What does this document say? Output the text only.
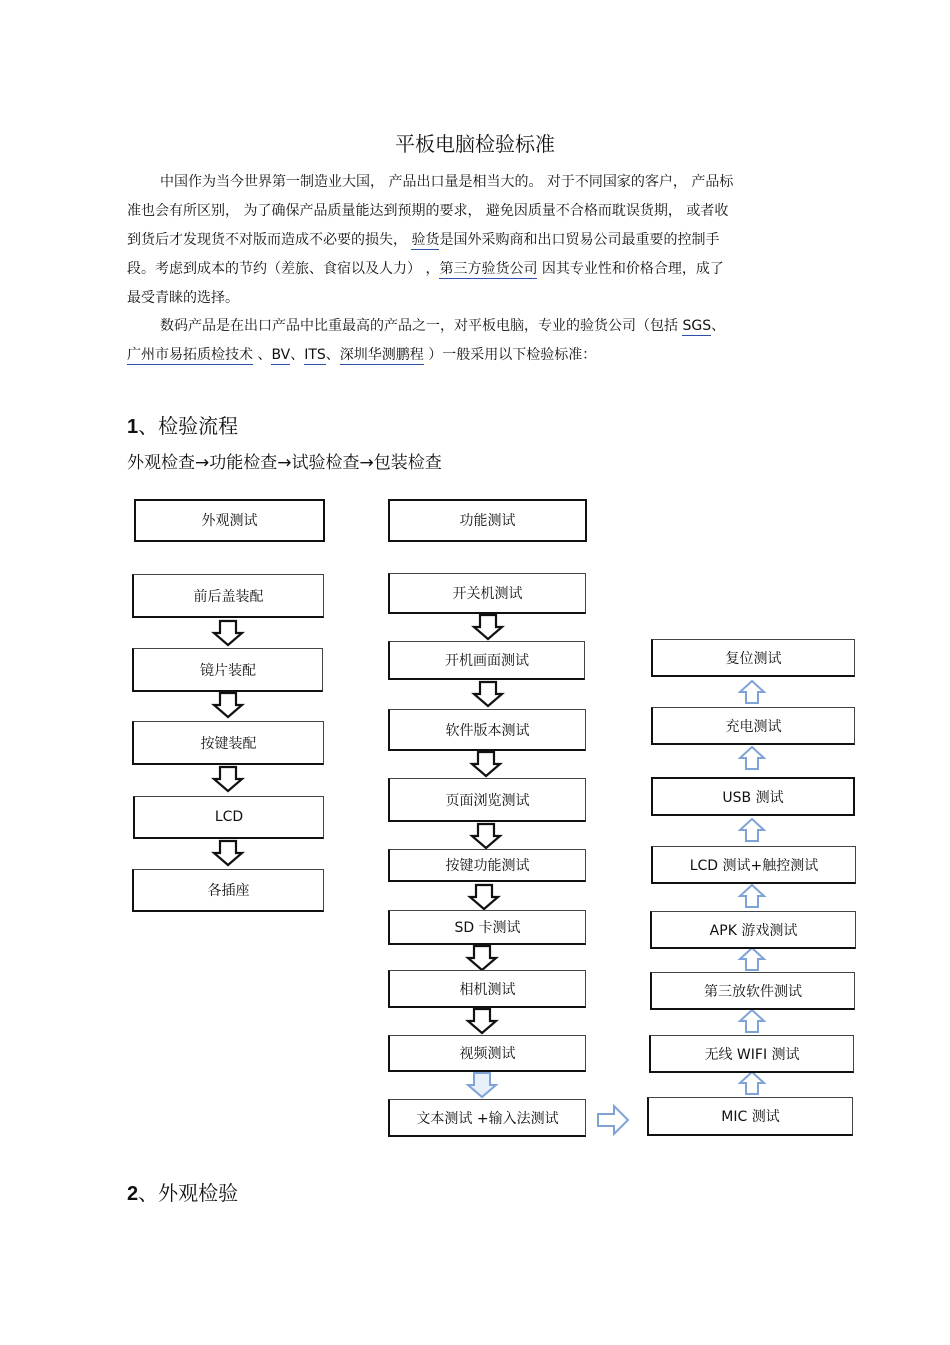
平板电脑检验标准
中国作为当今世界第一制造业大国， 产品出口量是相当大的。 对于不同国家的客户， 产品标
准也会有所区别， 为了确保产品质量能达到预期的要求， 避免因质量不合格而耽误货期， 或者收
到货后才发现货不对版而造成不必要的损失， 验货是国外采购商和出口贸易公司最重要的控制手
段。考虑到成本的节约（差旅、食宿以及人力） ，第三方验货公司 因其专业性和价格合理，成了
最受青睐的选择。
数码产品是在出口产品中比重最高的产品之一，对平板电脑，专业的验货公司（包括 SGS、
广州市易拓质检技术 、BV、ITS、深圳华测鹏程 ）一般采用以下检验标准：
1、检验流程
外观检查→功能检查→试验检查→包装检查
外观测试
前后盖装配
镜片装配
按键装配
LCD
各插座
功能测试
开关机测试
开机画面测试
软件版本测试
页面浏览测试
按键功能测试
SD 卡测试
相机测试
视频测试
文本测试 +输入法测试
复位测试
充电测试
USB 测试
LCD 测试+触控测试
APK 游戏测试
第三放软件测试
无线 WIFI 测试
MIC 测试
2、外观检验
